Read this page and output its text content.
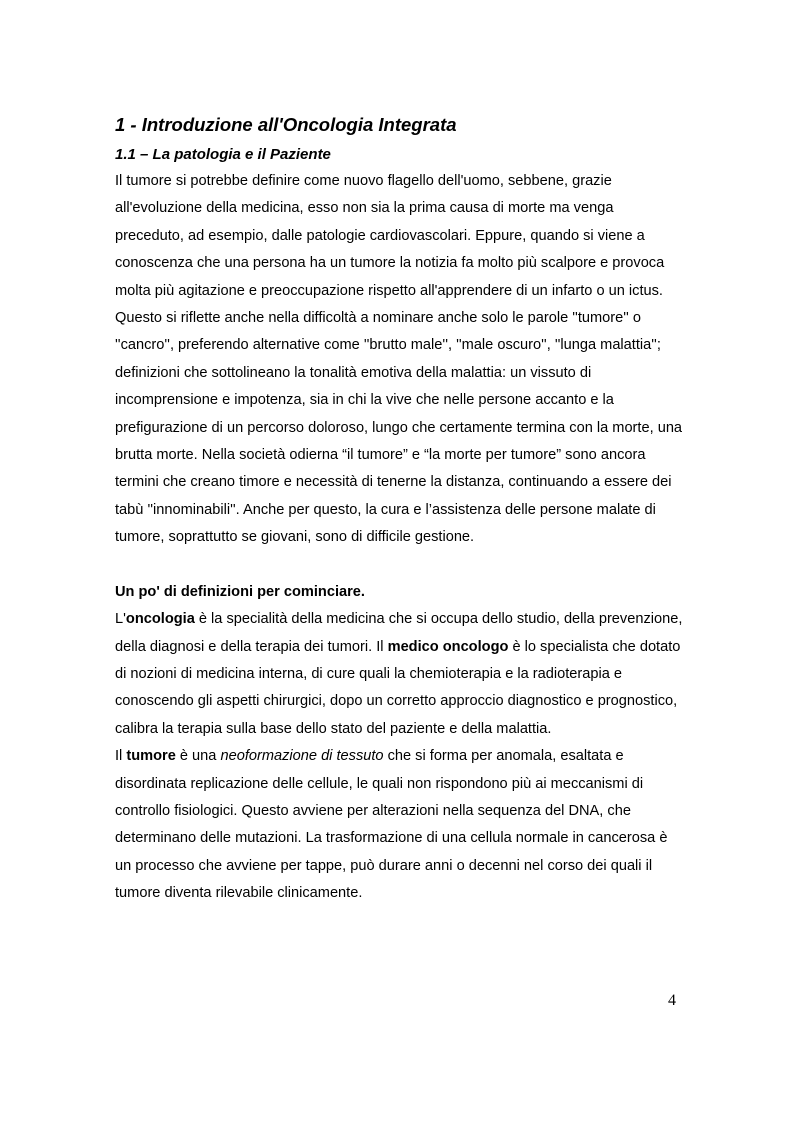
1 - Introduzione all'Oncologia Integrata
1.1 – La patologia e il Paziente

Il tumore si potrebbe definire come nuovo flagello dell'uomo, sebbene, grazie all'evoluzione della medicina, esso non sia la prima causa di morte ma venga preceduto, ad esempio, dalle patologie cardiovascolari. Eppure, quando si viene a conoscenza che una persona ha un tumore la notizia fa molto più scalpore e provoca molta più agitazione e preoccupazione rispetto all'apprendere di un infarto o un ictus. Questo si riflette anche nella difficoltà a nominare anche solo le parole ''tumore'' o ''cancro'', preferendo alternative come ''brutto male'', ''male oscuro'', ''lunga malattia''; definizioni che sottolineano la tonalità emotiva della malattia: un vissuto di incomprensione e impotenza, sia in chi la vive che nelle persone accanto e la prefigurazione di un percorso doloroso, lungo che certamente termina con la morte, una brutta morte. Nella società odierna “il tumore” e “la morte per tumore” sono ancora termini che creano timore e necessità di tenerne la distanza, continuando a essere dei tabù ''innominabili''. Anche per questo, la cura e l’assistenza delle persone malate di tumore, soprattutto se giovani, sono di difficile gestione.

Un po' di definizioni per cominciare.

L'oncologia è la specialità della medicina che si occupa dello studio, della prevenzione, della diagnosi e della terapia dei tumori. Il medico oncologo è lo specialista che dotato di nozioni di medicina interna, di cure quali la chemioterapia e la radioterapia e conoscendo gli aspetti chirurgici, dopo un corretto approccio diagnostico e prognostico, calibra la terapia sulla base dello stato del paziente e della malattia.

Il tumore è una neoformazione di tessuto che si forma per anomala, esaltata e disordinata replicazione delle cellule, le quali non rispondono più ai meccanismi di controllo fisiologici. Questo avviene per alterazioni nella sequenza del DNA, che determinano delle mutazioni. La trasformazione di una cellula normale in cancerosa è un processo che avviene per tappe, può durare anni o decenni nel corso dei quali il tumore diventa rilevabile clinicamente.

4
